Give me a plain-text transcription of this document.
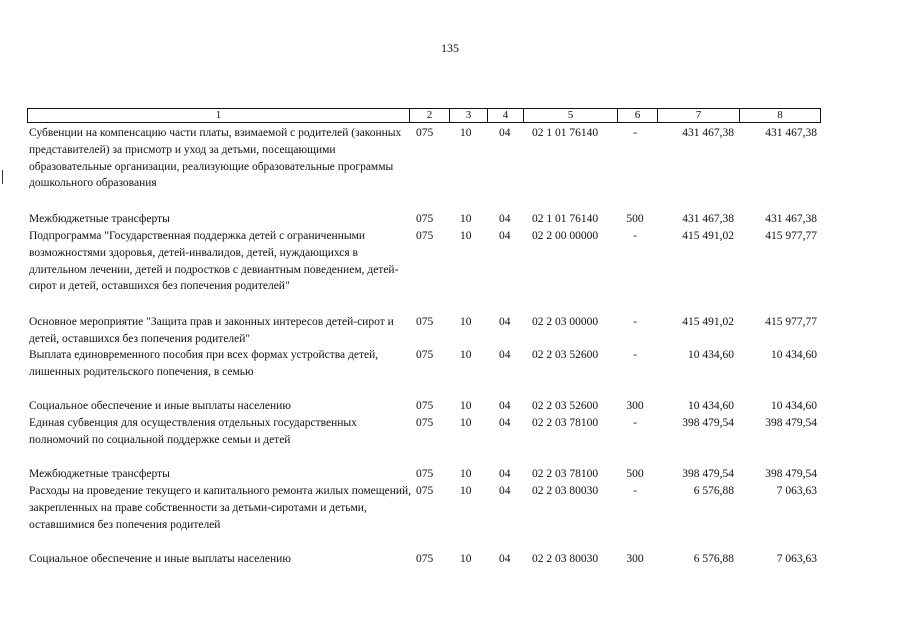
135
1	2	3	4	5	6	7	8
Субвенции на компенсацию части платы, взимаемой с родителей (законных представителей) за присмотр и уход за детьми, посещающими образовательные организации, реализующие образовательные программы дошкольного образования
075	10 04 02 1 01 76140	-	431 467,38	431 467,38
Межбюджетные трансферты	075	10 04 02 1 01 76140	500	431 467,38	431 467,38
Подпрограмма "Государственная поддержка детей с ограниченными возможностями здоровья, детей-инвалидов, детей, нуждающихся в длительном лечении, детей и подростков с девиантным поведением, детей-сирот и детей, оставшихся без попечения родителей"
075	10 04 02 2 00 00000	-	415 491,02	415 977,77
Основное мероприятие "Защита прав и законных интересов детей-сирот и детей, оставшихся без попечения родителей"
075	10 04 02 2 03 00000	-	415 491,02	415 977,77
Выплата единовременного пособия при всех формах устройства детей, лишенных родительского попечения, в семью
075	10 04 02 2 03 52600	-	10 434,60	10 434,60
Социальное обеспечение и иные выплаты населению	075	10 04 02 2 03 52600	300	10 434,60	10 434,60
Единая субвенция для осуществления отдельных государственных полномочий по социальной поддержке семьи и детей
075	10 04 02 2 03 78100	-	398 479,54	398 479,54
Межбюджетные трансферты	075	10 04 02 2 03 78100	500	398 479,54	398 479,54
Расходы на проведение текущего и капитального ремонта жилых помещений, закрепленных на праве собственности за детьми-сиротами и детьми, оставшимися без попечения родителей
075	10 04 02 2 03 80030	-	6 576,88	7 063,63
Социальное обеспечение и иные выплаты населению	075	10 04 02 2 03 80030	300	6 576,88	7 063,63
